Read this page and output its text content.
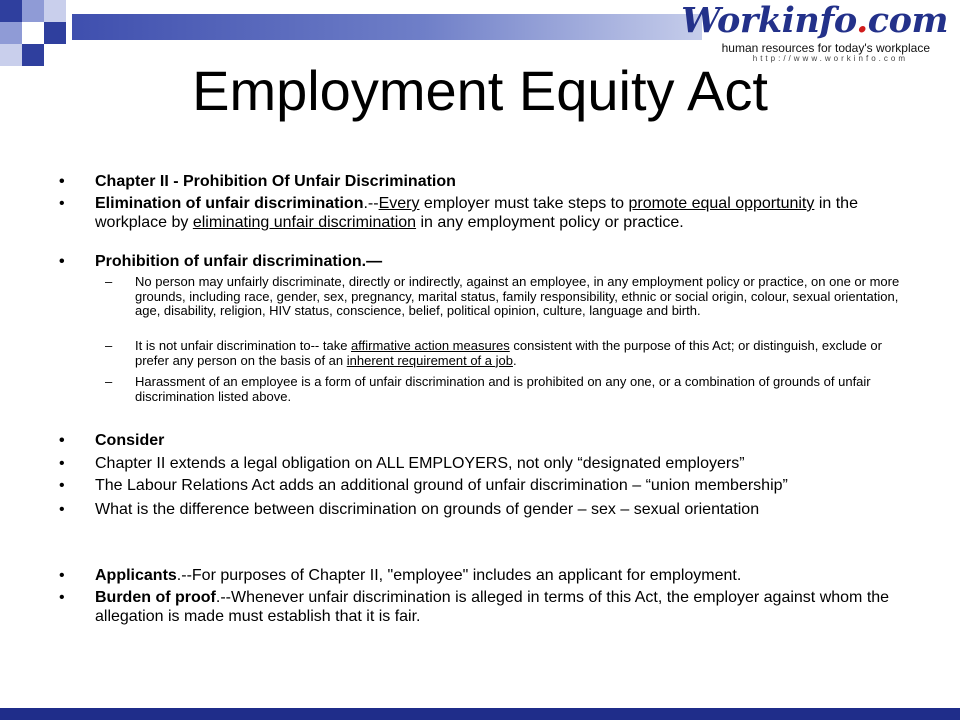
Workinfo.com
human resources for today's workplace
http://www.workinfo.com
Employment Equity Act
• Chapter II - Prohibition Of Unfair Discrimination
• Elimination of unfair discrimination.--Every employer must take steps to promote equal opportunity in the workplace by eliminating unfair discrimination in any employment policy or practice.
• Prohibition of unfair discrimination.—
– No person may unfairly discriminate, directly or indirectly, against an employee, in any employment policy or practice, on one or more grounds, including race, gender, sex, pregnancy, marital status, family responsibility, ethnic or social origin, colour, sexual orientation, age, disability, religion, HIV status, conscience, belief, political opinion, culture, language and birth.
– It is not unfair discrimination to-- take affirmative action measures consistent with the purpose of this Act; or distinguish, exclude or prefer any person on the basis of an inherent requirement of a job.
– Harassment of an employee is a form of unfair discrimination and is prohibited on any one, or a combination of grounds of unfair discrimination listed above.
• Consider
• Chapter II extends a legal obligation on ALL EMPLOYERS, not only “designated employers”
• The Labour Relations Act adds an additional ground of unfair discrimination – “union membership”
• What is the difference between discrimination on grounds of gender – sex – sexual orientation
• Applicants.--For purposes of Chapter II, "employee" includes an applicant for employment.
• Burden of proof.--Whenever unfair discrimination is alleged in terms of this Act, the employer against whom the allegation is made must establish that it is fair.
